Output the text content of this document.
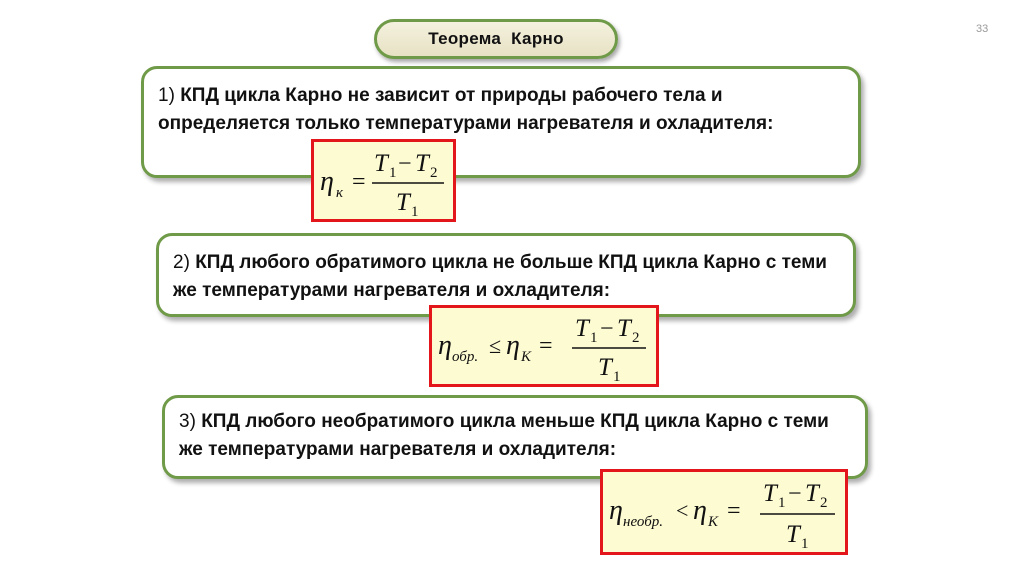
33
Теорема  Карно
1) КПД цикла Карно не зависит от природы рабочего тела и определяется только температурами нагревателя и охладителя:
η к =
T 1 − T 2
T 1
2) КПД любого обратимого цикла не больше КПД цикла Карно с теми же температурами нагревателя и охладителя:
η обр. ≤ η К =
T 1 − T 2
T 1
3) КПД любого необратимого цикла меньше КПД цикла Карно с теми же температурами нагревателя и охладителя:
η необр. < η К =
T 1 − T 2
T 1
